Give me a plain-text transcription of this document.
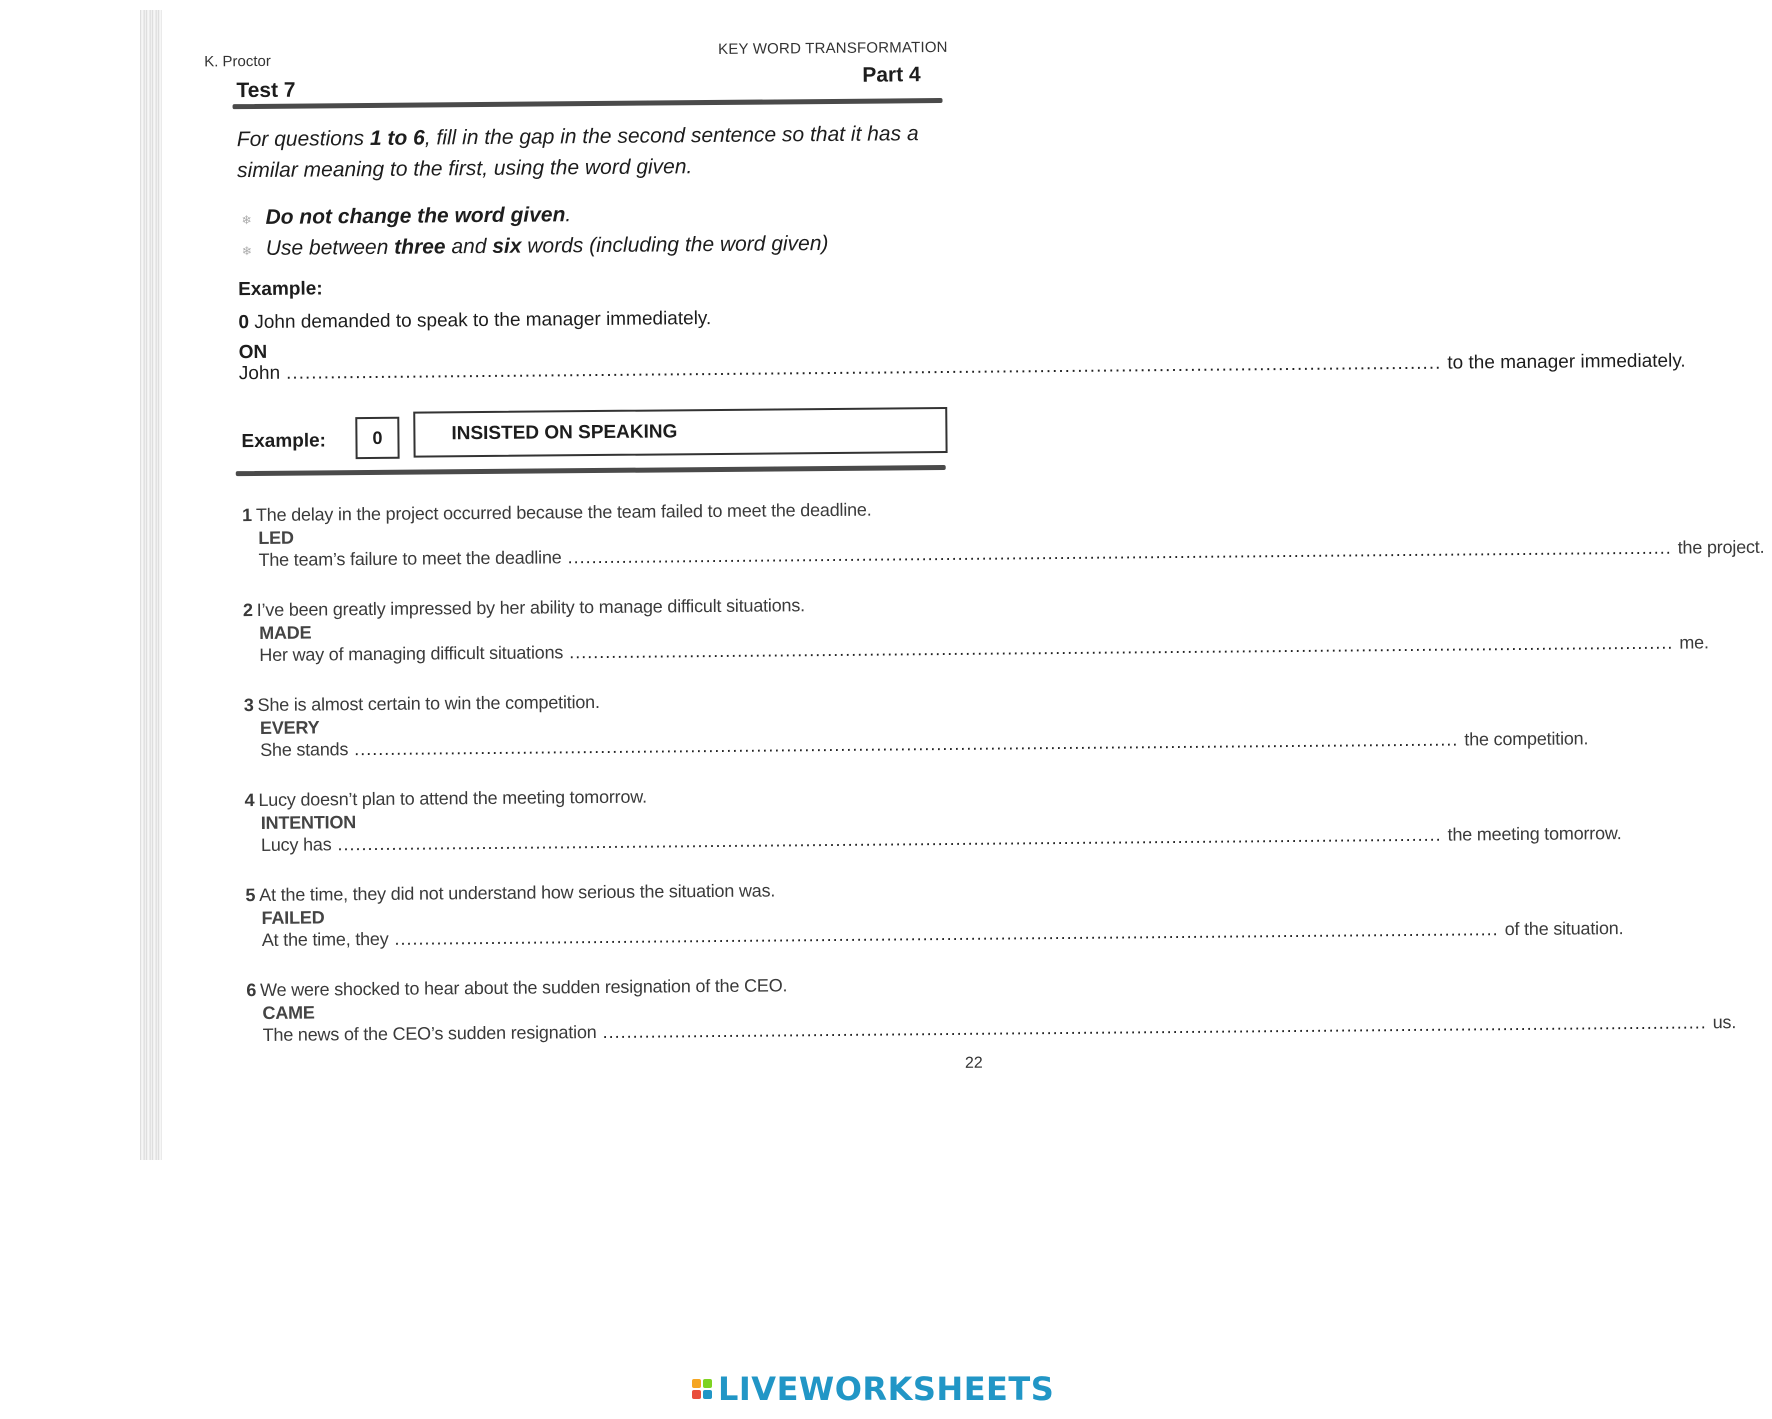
K. Proctor
KEY WORD TRANSFORMATION
Test 7
Part 4
For questions 1 to 6, fill in the gap in the second sentence so that it has a similar meaning to the first, using the word given.
❄ Do not change the word given.
❄ Use between three and six words (including the word given)
Example:
0 John demanded to speak to the manager immediately.
ON
John .....	to the manager immediately.
Example:	0	INSISTED ON SPEAKING
1 The delay in the project occurred because the team failed to meet the deadline.
LED
The team’s failure to meet the deadline
.....
the project.
2 I’ve been greatly impressed by her ability to manage difficult situations.
MADE
Her way of managing difficult situations .....	me.
3 She is almost certain to win the competition.
EVERY
She stands
.....
the competition.
4 Lucy doesn’t plan to attend the meeting tomorrow.
INTENTION
Lucy has
.....
the meeting tomorrow.
5 At the time, they did not understand how serious the situation was.
FAILED
At the time, they
.....
of the situation.
6 We were shocked to hear about the sudden resignation of the CEO.
CAME
The news of the CEO’s sudden resignation .....	us.
22
LIVEWORKSHEETS
